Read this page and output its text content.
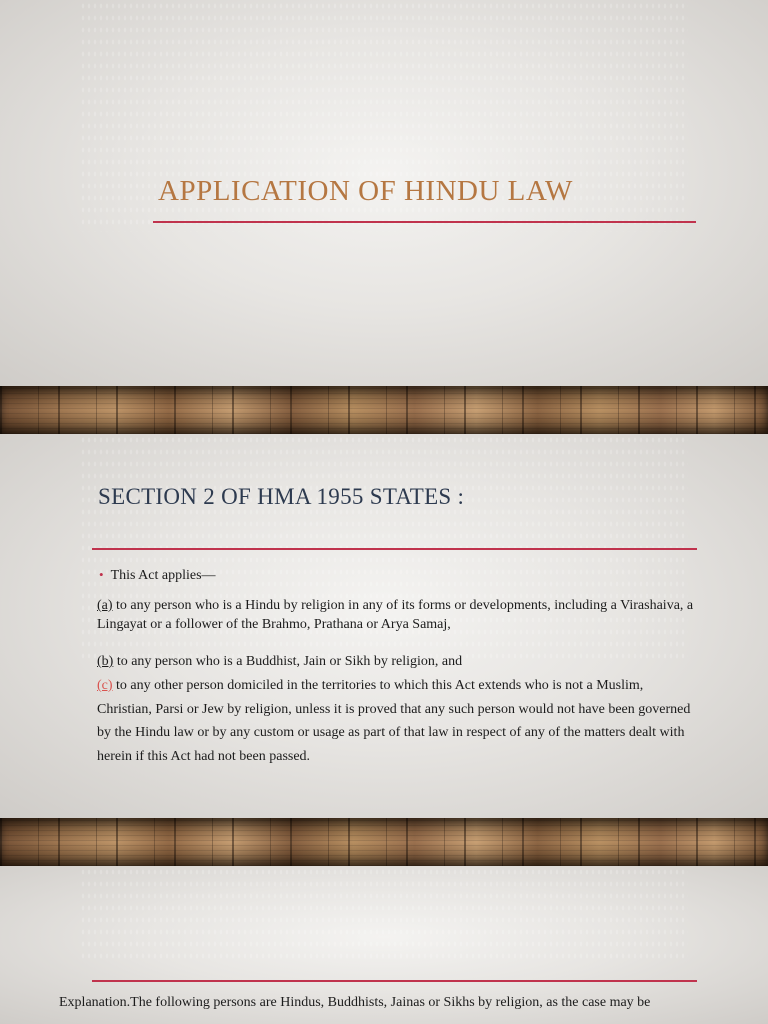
APPLICATION OF HINDU LAW
SECTION 2 OF HMA 1955 STATES :

• This Act applies—

(a) to any person who is a Hindu by religion in any of its forms or developments, including a Virashaiva, a Lingayat or a follower of the Brahmo, Prathana or Arya Samaj,

(b) to any person who is a Buddhist, Jain or Sikh by religion, and

(c) to any other person domiciled in the territories to which this Act extends who is not a Muslim, Christian, Parsi or Jew by religion, unless it is proved that any such person would not have been governed by the Hindu law or by any custom or usage as part of that law in respect of any of the matters dealt with herein if this Act had not been passed.

Explanation.The following persons are Hindus, Buddhists, Jainas or Sikhs by religion, as the case may be
